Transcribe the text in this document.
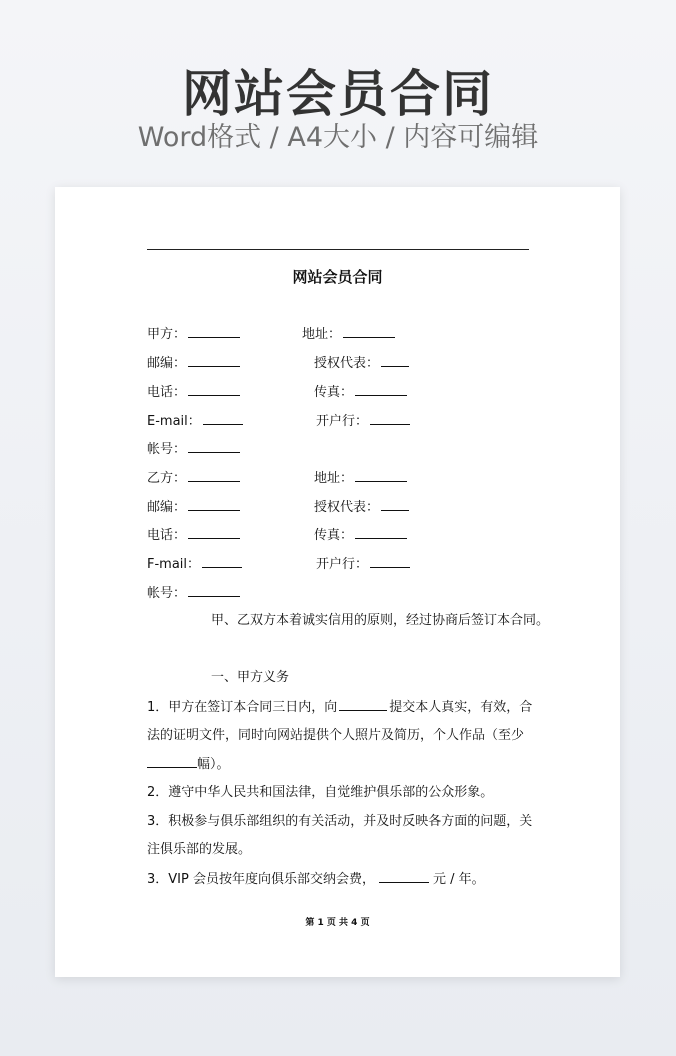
网站会员合同
Word格式 / A4大小 / 内容可编辑
网站会员合同
甲方：	地址：
邮编：	授权代表：
电话：	传真：
E-mail：	开户行：
帐号：
乙方：	地址：
邮编：	授权代表：
电话：	传真：
F-mail：	开户行：
帐号：
甲、乙双方本着诚实信用的原则，经过协商后签订本合同。
一、甲方义务
1．甲方在签订本合同三日内，向	提交本人真实，有效，合
法的证明文件，同时向网站提供个人照片及简历，个人作品（至少
幅）。
2．遵守中华人民共和国法律，自觉维护俱乐部的公众形象。
3．积极参与俱乐部组织的有关活动，并及时反映各方面的问题，关
注俱乐部的发展。
3．VIP 会员按年度向俱乐部交纳会费，	元 / 年。
第 1 页 共 4 页
